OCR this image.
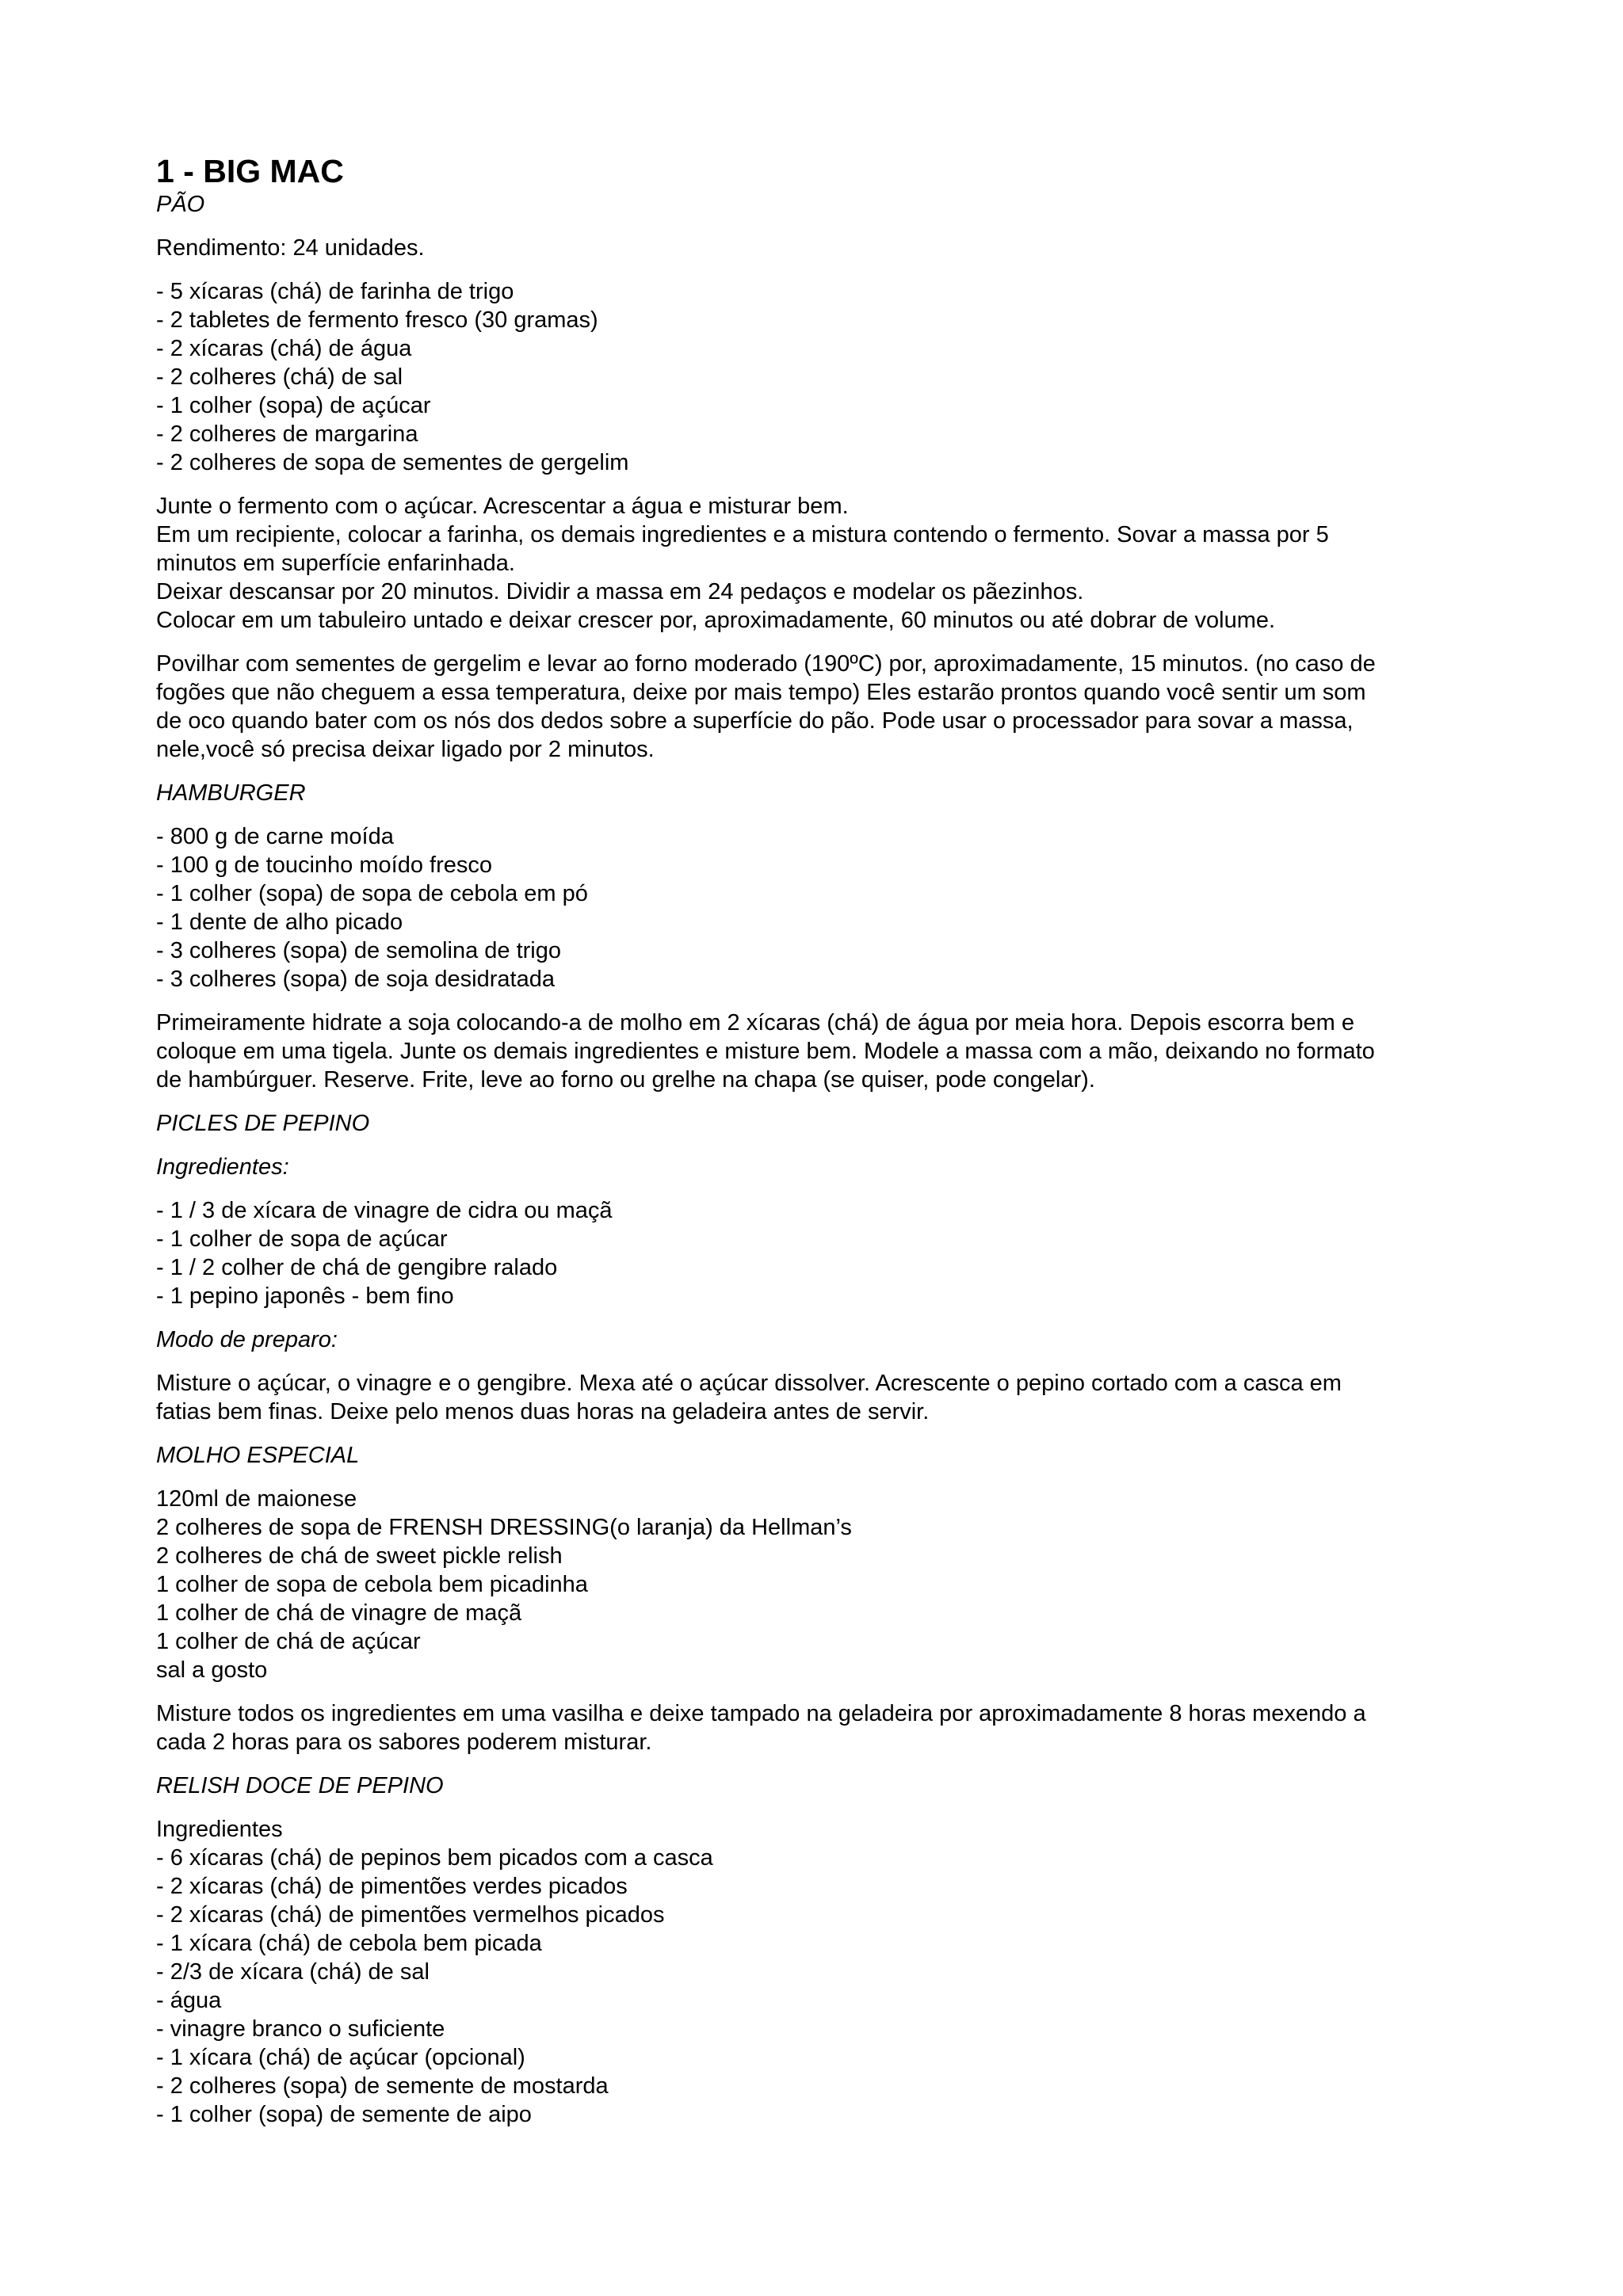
1 - BIG MAC
PÃO
Rendimento: 24 unidades.
- 5 xícaras (chá) de farinha de trigo
- 2 tabletes de fermento fresco (30 gramas)
- 2 xícaras (chá) de água
- 2 colheres (chá) de sal
- 1 colher (sopa) de açúcar
- 2 colheres de margarina
- 2 colheres de sopa de sementes de gergelim
Junte o fermento com o açúcar. Acrescentar a água e misturar bem.
Em um recipiente, colocar a farinha, os demais ingredientes e a mistura contendo o fermento. Sovar a massa por 5
minutos em superfície enfarinhada.
Deixar descansar por 20 minutos. Dividir a massa em 24 pedaços e modelar os pãezinhos.
Colocar em um tabuleiro untado e deixar crescer por, aproximadamente, 60 minutos ou até dobrar de volume.
Povilhar com sementes de gergelim e levar ao forno moderado (190ºC) por, aproximadamente, 15 minutos. (no caso de
fogões que não cheguem a essa temperatura, deixe por mais tempo) Eles estarão prontos quando você sentir um som
de oco quando bater com os nós dos dedos sobre a superfície do pão. Pode usar o processador para sovar a massa,
nele,você só precisa deixar ligado por 2 minutos.
HAMBURGER
- 800 g de carne moída
- 100 g de toucinho moído fresco
- 1 colher (sopa) de sopa de cebola em pó
- 1 dente de alho picado
- 3 colheres (sopa) de semolina de trigo
- 3 colheres (sopa) de soja desidratada
Primeiramente hidrate a soja colocando-a de molho em 2 xícaras (chá) de água por meia hora. Depois escorra bem e
coloque em uma tigela. Junte os demais ingredientes e misture bem. Modele a massa com a mão, deixando no formato
de hambúrguer. Reserve. Frite, leve ao forno ou grelhe na chapa (se quiser, pode congelar).
PICLES DE PEPINO
Ingredientes:
- 1 / 3 de xícara de vinagre de cidra ou maçã
- 1 colher de sopa de açúcar
- 1 / 2 colher de chá de gengibre ralado
- 1 pepino japonês - bem fino
Modo de preparo:
Misture o açúcar, o vinagre e o gengibre. Mexa até o açúcar dissolver. Acrescente o pepino cortado com a casca em
fatias bem finas. Deixe pelo menos duas horas na geladeira antes de servir.
MOLHO ESPECIAL
120ml de maionese
2 colheres de sopa de FRENSH DRESSING(o laranja) da Hellman’s
2 colheres de chá de sweet pickle relish
1 colher de sopa de cebola bem picadinha
1 colher de chá de vinagre de maçã
1 colher de chá de açúcar
sal a gosto
Misture todos os ingredientes em uma vasilha e deixe tampado na geladeira por aproximadamente 8 horas mexendo a
cada 2 horas para os sabores poderem misturar.
RELISH DOCE DE PEPINO
Ingredientes
- 6 xícaras (chá) de pepinos bem picados com a casca
- 2 xícaras (chá) de pimentões verdes picados
- 2 xícaras (chá) de pimentões vermelhos picados
- 1 xícara (chá) de cebola bem picada
- 2/3 de xícara (chá) de sal
- água
- vinagre branco o suficiente
- 1 xícara (chá) de açúcar (opcional)
- 2 colheres (sopa) de semente de mostarda
- 1 colher (sopa) de semente de aipo
